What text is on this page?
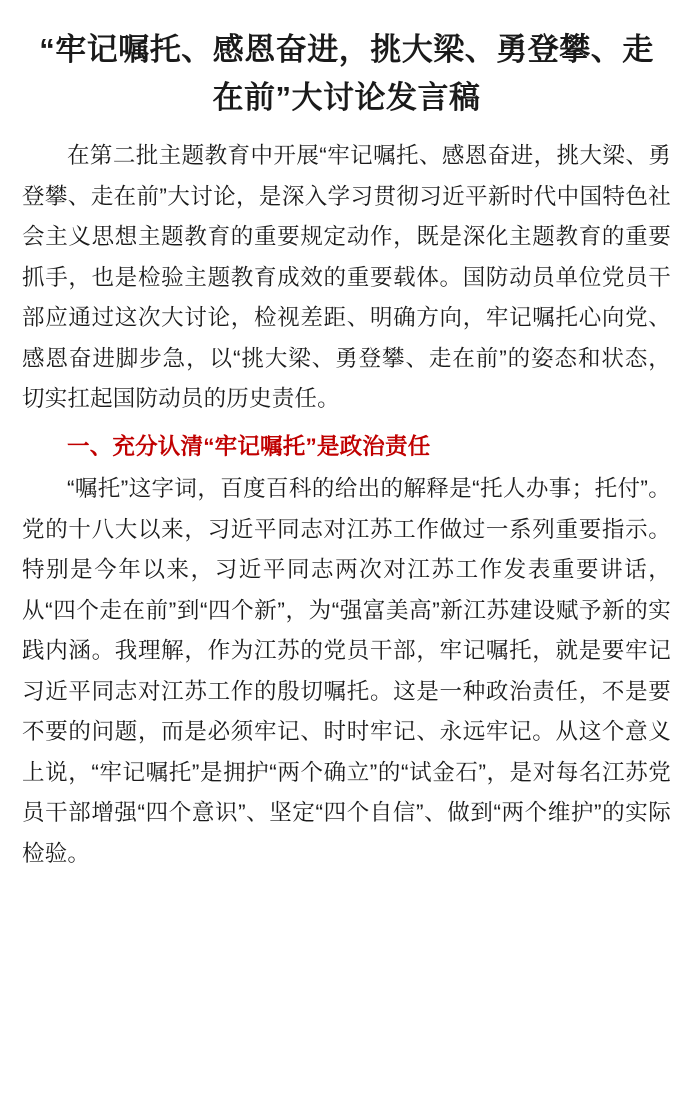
“牢记嘱托、感恩奋进，挑大梁、勇登攀、走在前”大讨论发言稿

在第二批主题教育中开展“牢记嘱托、感恩奋进，挑大梁、勇登攀、走在前”大讨论，是深入学习贯彻习近平新时代中国特色社会主义思想主题教育的重要规定动作，既是深化主题教育的重要抓手，也是检验主题教育成效的重要载体。国防动员单位党员干部应通过这次大讨论，检视差距、明确方向，牢记嘱托心向党、感恩奋进脚步急，以“挑大梁、勇登攀、走在前”的姿态和状态，切实扛起国防动员的历史责任。

一、充分认清“牢记嘱托”是政治责任

“嘱托”这字词，百度百科的给出的解释是“托人办事；托付”。党的十八大以来，习近平同志对江苏工作做过一系列重要指示。特别是今年以来，习近平同志两次对江苏工作发表重要讲话，从“四个走在前”到“四个新”，为“强富美高”新江苏建设赋予新的实践内涵。我理解，作为江苏的党员干部，牢记嘱托，就是要牢记习近平同志对江苏工作的殷切嘱托。这是一种政治责任，不是要不要的问题，而是必须牢记、时时牢记、永远牢记。从这个意义上说，“牢记嘱托”是拥护“两个确立”的“试金石”，是对每名江苏党员干部增强“四个意识”、坚定“四个自信”、做到“两个维护”的实际检验。
